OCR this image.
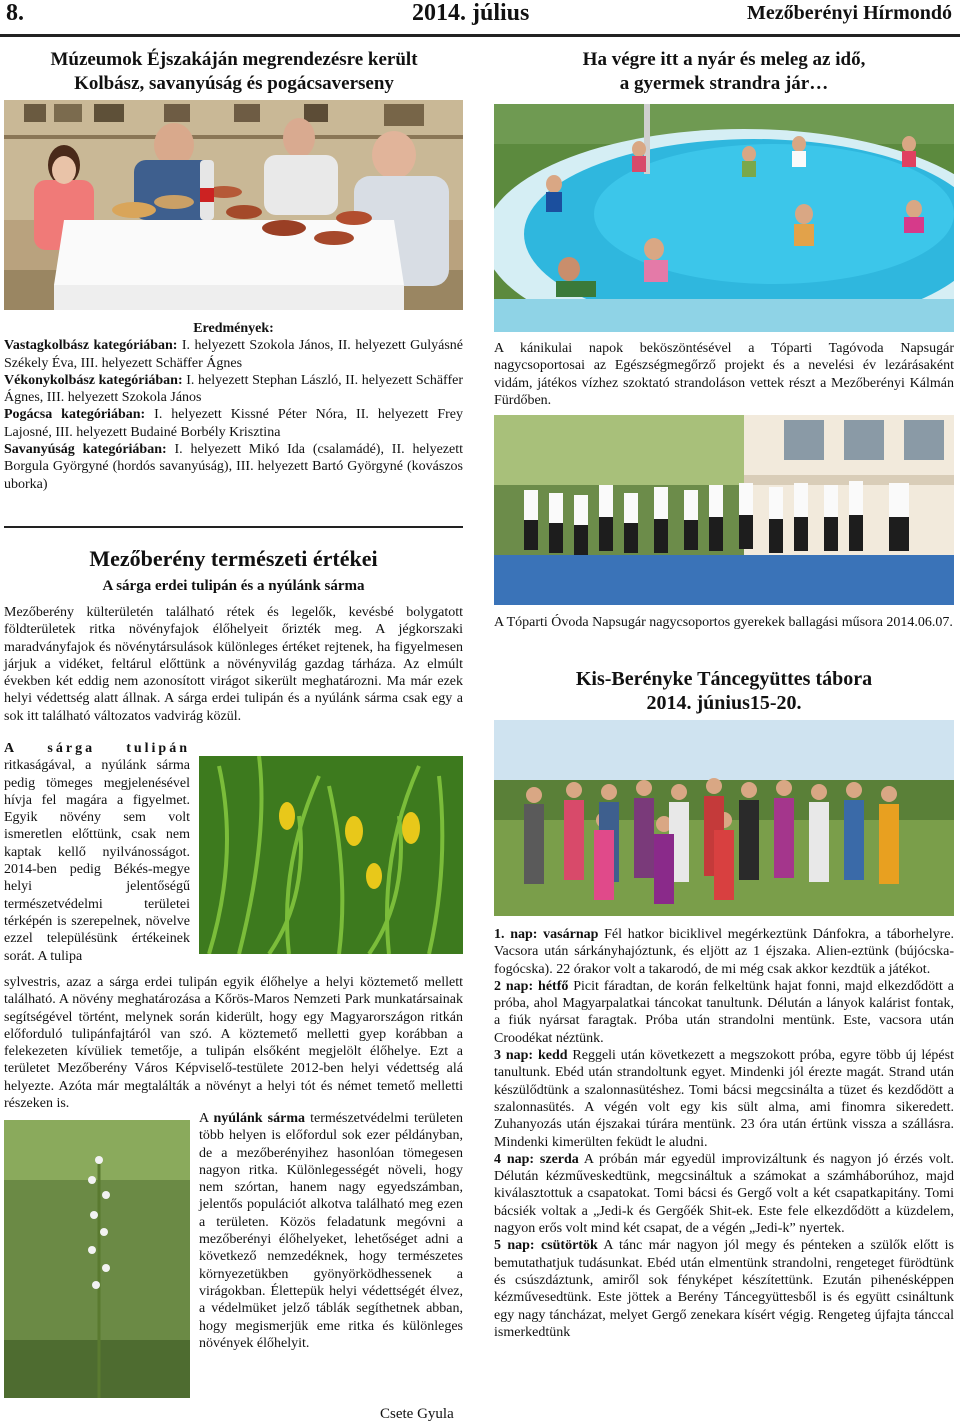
8.	2014. július	Mezőberényi Hírmondó
Múzeumok Éjszakáján megrendezésre került
Kolbász, savanyúság és pogácsaverseny
Eredmények:
Vastagkolbász kategóriában: I. helyezett Szokola János, II. helyezett Gulyásné Székely Éva, III. helyezett Schäffer Ágnes
Vékonykolbász kategóriában: I. helyezett Stephan László, II. helyezett Schäffer Ágnes, III. helyezett Szokola János
Pogácsa kategóriában: I. helyezett Kissné Péter Nóra, II. helyezett Frey Lajosné, III. helyezett Budainé Borbély Krisztina
Savanyúság kategóriában: I. helyezett Mikó Ida (csalamádé), II. helyezett Borgula Györgyné (hordós savanyúság), III. helyezett Bartó Györgyné (kovászos uborka)
Ha végre itt a nyár és meleg az idő,
a gyermek strandra jár…
A kánikulai napok beköszöntésével a Tóparti Tagóvoda Napsugár nagycsoportosai az Egészségmegőrző projekt és a nevelési év lezárásaként vidám, játékos vízhez szoktató strandoláson vettek részt a Mezőberényi Kálmán Fürdőben.
A Tóparti Óvoda Napsugár nagycsoportos gyerekek ballagási műsora 2014.06.07.
Mezőberény természeti értékei
A sárga erdei tulipán és a nyúlánk sárma
Mezőberény külterületén található rétek és legelők, kevésbé bolygatott földterületek ritka növényfajok élőhelyeit őrizték meg. A jégkorszaki maradványfajok és növénytársulások különleges értéket rejtenek, ha figyelmesen járjuk a vidéket, feltárul előttünk a növényvilág gazdag tárháza. Az elmúlt években két eddig nem azonosított virágot sikerült meghatározni. Ma már ezek helyi védettség alatt állnak. A sárga erdei tulipán és a nyúlánk sárma csak egy a sok itt található változatos vadvirág közül.
A sárga tulipán ritkaságával, a nyúlánk sárma pedig tömeges megjelenésével hívja fel magára a figyelmet. Egyik növény sem volt ismeretlen előttünk, csak nem kaptak kellő nyilvánosságot. 2014-ben pedig Békés-megye helyi jelentőségű természetvédelmi területei térképén is szerepelnek, növelve ezzel településünk értékeinek sorát. A tulipa
sylvestris, azaz a sárga erdei tulipán egyik élőhelye a helyi köztemető mellett található. A növény meghatározása a Kőrös-Maros Nemzeti Park munkatársainak segítségével történt, melynek során kiderült, hogy egy Magyarországon ritkán előforduló tulipánfajtáról van szó. A köztemető melletti gyep korábban a felekezeten kívüliek temetője, a tulipán elsőként megjelölt élőhelye. Ezt a területet Mezőberény Város Képviselő-testülete 2012-ben helyi védettség alá helyezte. Azóta már megtalálták a növényt a helyi tót és német temető melletti részeken is.
A nyúlánk sárma természetvédelmi területen több helyen is előfordul sok ezer példányban, de a mezőberényihez hasonlóan tömegesen nagyon ritka. Különlegességét növeli, hogy nem szórtan, hanem nagy egyedszámban, jelentős populációt alkotva található meg ezen a területen. Közös feladatunk megóvni a mezőberényi élőhelyeket, lehetőséget adni a következő nemzedéknek, hogy természetes környezetükben gyönyörködhessenek a virágokban. Élettерük helyi védettségét élvez, a védelmüket jelző táblák segíthetnek abban, hogy megismerjük eme ritka és különleges növények élőhelyit.
Csete Gyula
Kis-Berényke Táncegyüttes tábora
2014. június15-20.
1. nap: vasárnap Fél hatkor biciklivel megérkeztünk Dánfokra, a táborhelyre. Vacsora után sárkányhajóztunk, és eljött az 1 éjszaka. Alien-eztünk (bújócska-fogócska). 22 órakor volt a takarodó, de mi még csak akkor kezdtük a játékot.
2 nap: hétfő Picit fáradtan, de korán felkeltünk hajat fonni, majd elkezdődött a próba, ahol Magyarpalatkai táncokat tanultunk. Délután a lányok kalárist fontak, a fiúk nyársat faragtak. Próba után strandolni mentünk. Este, vacsora után Croodékat néztünk.
3 nap: kedd Reggeli után következett a megszokott próba, egyre több új lépést tanultunk. Ebéd után strandoltunk egyet. Mindenki jól érezte magát. Strand után készülődtünk a szalonnasütéshez. Tomi bácsi megcsinálta a tüzet és kezdődött a szalonnasütés. A végén volt egy kis sült alma, ami finomra sikeredett. Zuhanyozás után éjszakai túrára mentünk. 23 óra után értünk vissza a szállásra. Mindenki kimerülten feküdt le aludni.
4 nap: szerda A próbán már egyedül improvizáltunk és nagyon jó érzés volt. Délután kézműveskedtünk, megcsináltuk a számokat a számháborúhoz, majd kiválasztottuk a csapatokat. Tomi bácsi és Gergő volt a két csapatkapitány. Tomi bácsiék voltak a „Jedi-k és Gergőék Shit-ek. Este fele elkezdődött a küzdelem, nagyon erős volt mind két csapat, de a végén „Jedi-k” nyertek.
5 nap: csütörtök A tánc már nagyon jól megy és pénteken a szülők előtt is bemutathatjuk tudásunkat. Ebéd után elmentünk strandolni, rengeteget fürödtünk és csúszdáztunk, amiről sok fényképet készítettünk. Ezután pihenésképpen kézművesedtünk. Este jöttek a Berény Táncegyüttesből is és együtt csináltunk egy nagy táncházat, melyet Gergő zenekara kísért végig. Rengeteg újfajta tánccal ismerkedtünk
